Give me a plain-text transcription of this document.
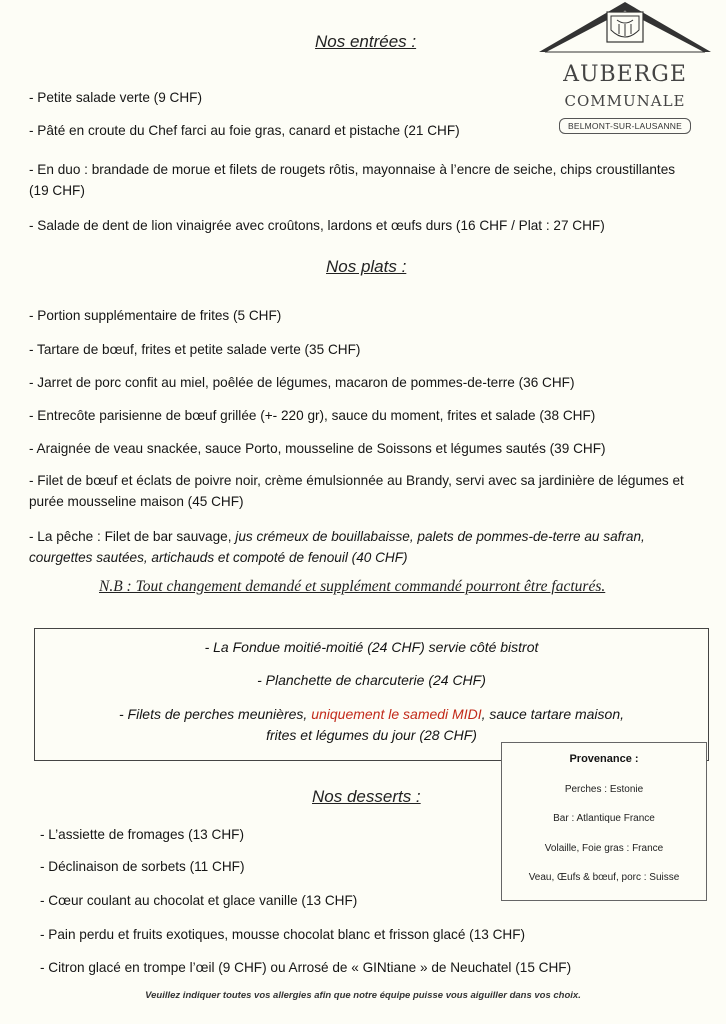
AUBERGE
COMMUNALE
BELMONT-SUR-LAUSANNE
Nos entrées :
- Petite salade verte (9 CHF)
- Pâté en croute du Chef farci au foie gras, canard et pistache (21 CHF)
- En duo : brandade de morue et filets de rougets rôtis, mayonnaise à l’encre de seiche, chips croustillantes (19 CHF)
- Salade de dent de lion vinaigrée avec croûtons, lardons et œufs durs (16 CHF / Plat : 27 CHF)
Nos plats :
- Portion supplémentaire de frites (5 CHF)
- Tartare de bœuf, frites et petite salade verte (35 CHF)
- Jarret de porc confit au miel, poêlée de légumes, macaron de pommes-de-terre (36 CHF)
- Entrecôte parisienne de bœuf grillée (+- 220 gr), sauce du moment, frites et salade (38 CHF)
- Araignée de veau snackée, sauce Porto, mousseline de Soissons et légumes sautés (39 CHF)
- Filet de bœuf et éclats de poivre noir, crème émulsionnée au Brandy, servi avec sa jardinière de légumes et purée mousseline maison (45 CHF)
- La pêche : Filet de bar sauvage, jus crémeux de bouillabaisse, palets de pommes-de-terre au safran, courgettes sautées, artichauds et compoté de fenouil (40 CHF)
N.B : Tout changement demandé et supplément commandé pourront être facturés.
- La Fondue moitié-moitié (24 CHF) servie côté bistrot
- Planchette de charcuterie (24 CHF)
- Filets de perches meunières, uniquement le samedi MIDI, sauce tartare maison,
frites et légumes du jour (28 CHF)
Provenance :
Perches : Estonie
Bar : Atlantique France
Volaille, Foie gras : France
Veau, Œufs & bœuf, porc : Suisse
Nos desserts :
- L’assiette de fromages (13 CHF)
- Déclinaison de sorbets (11 CHF)
- Cœur coulant au chocolat et glace vanille (13 CHF)
- Pain perdu et fruits exotiques, mousse chocolat blanc et frisson glacé (13 CHF)
- Citron glacé en trompe l’œil (9 CHF) ou Arrosé de « GINtiane » de Neuchatel (15 CHF)
Veuillez indiquer toutes vos allergies afin que notre équipe puisse vous aiguiller dans vos choix.
